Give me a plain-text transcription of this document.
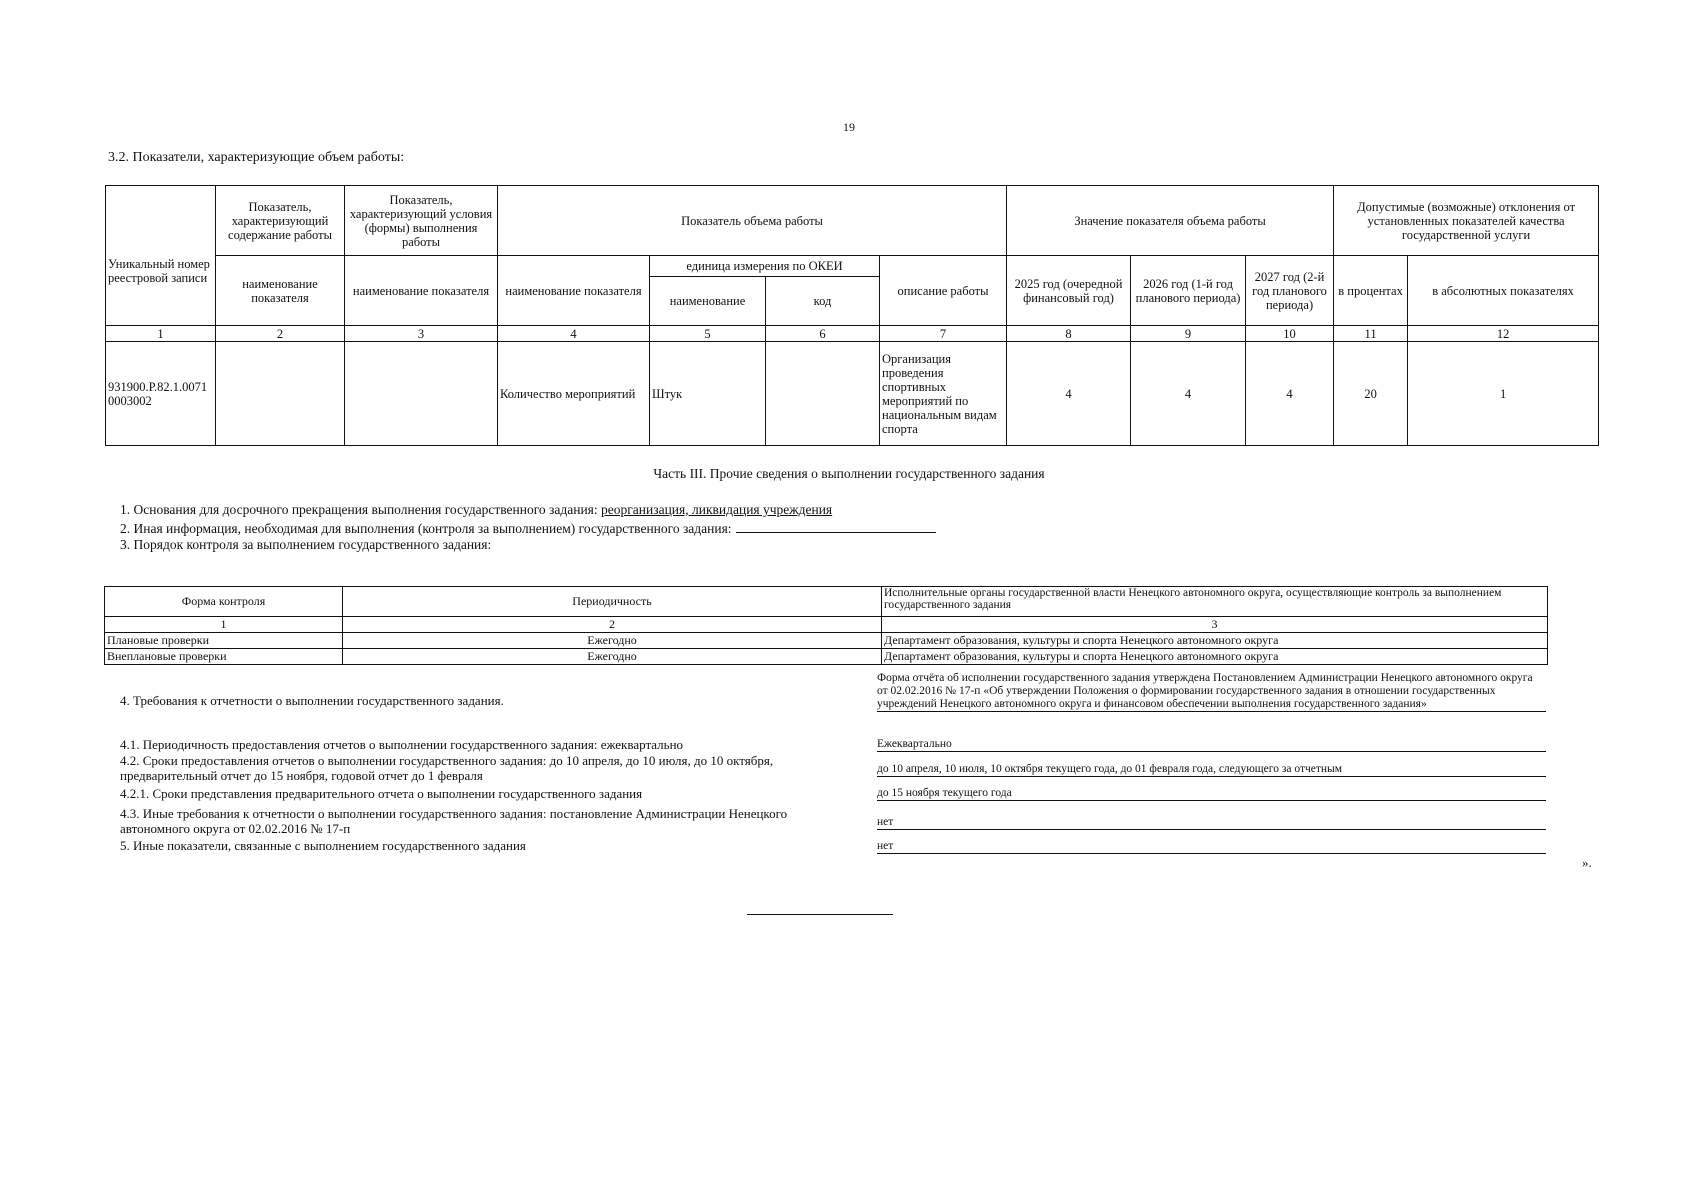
19
3.2. Показатели, характеризующие объем работы:
Уникальный номер реестровой записи	Показатель, характеризующий содержание работы	Показатель, характеризующий условия (формы) выполнения работы	Показатель объема работы				Значение показателя объема работы			Допустимые (возможные) отклонения от установленных показателей качества государственной услуги	
	наименование показателя	наименование показателя	наименование показателя	единица измерения по ОКЕИ		описание работы	2025 год (очередной финансовый год)	2026 год (1-й год планового периода)	2027 год (2-й год планового периода)	в процентах	в абсолютных показателях
				наименование	код						
1	2	3	4	5	6	7	8	9	10	11	12
931900.Р.82.1.0071 0003002			Количество мероприятий	Штук		Организация проведения спортивных мероприятий по национальным видам спорта	4	4	4	20	1
Часть III. Прочие сведения о выполнении государственного задания
1. Основания для досрочного прекращения выполнения государственного задания: реорганизация, ликвидация учреждения
2. Иная информация, необходимая для выполнения (контроля за выполнением) государственного задания:
3. Порядок контроля за выполнением государственного задания:
Форма контроля	Периодичность	Исполнительные органы государственной власти Ненецкого автономного округа, осуществляющие контроль за выполнением государственного задания
1	2	3
Плановые проверки	Ежегодно	Департамент образования, культуры и спорта Ненецкого автономного округа
Внеплановые проверки	Ежегодно	Департамент образования, культуры и спорта Ненецкого автономного округа
4. Требования к отчетности о выполнении государственного задания.
Форма отчёта об исполнении государственного задания утверждена Постановлением Администрации Ненецкого автономного округа от 02.02.2016 № 17-п «Об утверждении Положения о формировании государственного задания в отношении государственных учреждений Ненецкого автономного округа и финансовом обеспечении выполнения государственного задания»
4.1. Периодичность предоставления отчетов о выполнении государственного задания: ежеквартально	Ежеквартально
4.2. Сроки предоставления отчетов о выполнении государственного задания: до 10 апреля, до 10 июля, до 10 октября, предварительный отчет до 15 ноября, годовой отчет до 1 февраля	до 10 апреля, 10 июля, 10 октября текущего года, до 01 февраля года, следующего за отчетным
4.2.1. Сроки представления предварительного отчета о выполнении государственного задания	до 15 ноября текущего года
4.3. Иные требования к отчетности о выполнении государственного задания: постановление Администрации Ненецкого автономного округа от 02.02.2016 № 17-п	нет
5. Иные показатели, связанные с выполнением государственного задания	нет
».
